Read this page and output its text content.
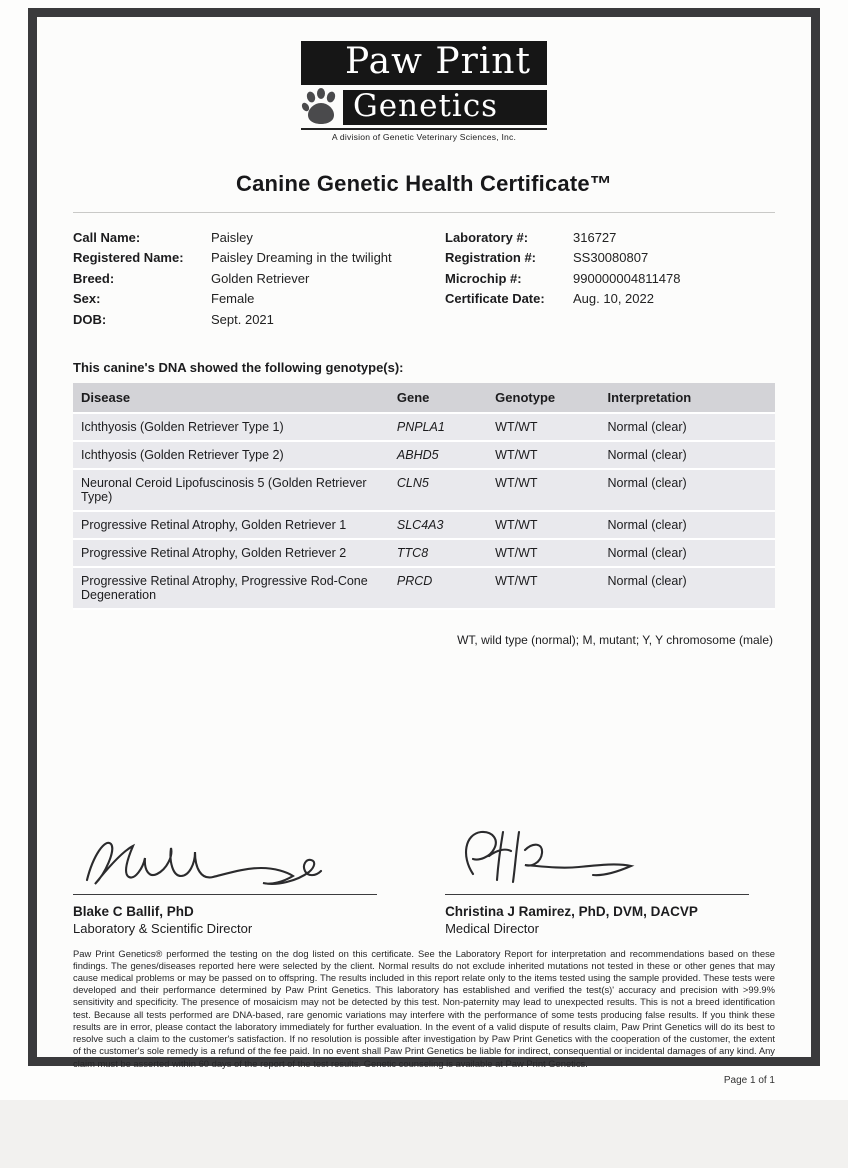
Paw Print
Genetics
A division of Genetic Veterinary Sciences, Inc.
Canine Genetic Health Certificate™
Call Name:	Paisley
Registered Name:	Paisley Dreaming in the twilight
Breed:	Golden Retriever
Sex:	Female
DOB:	Sept. 2021
Laboratory #:	316727
Registration #:	SS30080807
Microchip #:	990000004811478
Certificate Date:	Aug. 10, 2022
This canine's DNA showed the following genotype(s):
Disease	Gene	Genotype	Interpretation
Ichthyosis (Golden Retriever Type 1)	PNPLA1	WT/WT	Normal (clear)
Ichthyosis (Golden Retriever Type 2)	ABHD5	WT/WT	Normal (clear)
Neuronal Ceroid Lipofuscinosis 5 (Golden Retriever Type)	CLN5	WT/WT	Normal (clear)
Progressive Retinal Atrophy, Golden Retriever 1	SLC4A3	WT/WT	Normal (clear)
Progressive Retinal Atrophy, Golden Retriever 2	TTC8	WT/WT	Normal (clear)
Progressive Retinal Atrophy, Progressive Rod-Cone Degeneration	PRCD	WT/WT	Normal (clear)
WT, wild type (normal); M, mutant; Y, Y chromosome (male)
Blake C Ballif, PhD
Laboratory & Scientific Director
Christina J Ramirez, PhD, DVM, DACVP
Medical Director
Paw Print Genetics® performed the testing on the dog listed on this certificate. See the Laboratory Report for interpretation and recommendations based on these findings. The genes/diseases reported here were selected by the client. Normal results do not exclude inherited mutations not tested in these or other genes that may cause medical problems or may be passed on to offspring. The results included in this report relate only to the items tested using the sample provided. These tests were developed and their performance determined by Paw Print Genetics. This laboratory has established and verified the test(s)' accuracy and precision with >99.9% sensitivity and specificity. The presence of mosaicism may not be detected by this test. Non-paternity may lead to unexpected results. This is not a breed identification test. Because all tests performed are DNA-based, rare genomic variations may interfere with the performance of some tests producing false results. If you think these results are in error, please contact the laboratory immediately for further evaluation. In the event of a valid dispute of results claim, Paw Print Genetics will do its best to resolve such a claim to the customer's satisfaction. If no resolution is possible after investigation by Paw Print Genetics with the cooperation of the customer, the extent of the customer's sole remedy is a refund of the fee paid. In no event shall Paw Print Genetics be liable for indirect, consequential or incidental damages of any kind. Any claim must be asserted within 60 days of the report of the test results. Genetic counseling is available at Paw Print Genetics.
Page 1 of 1
